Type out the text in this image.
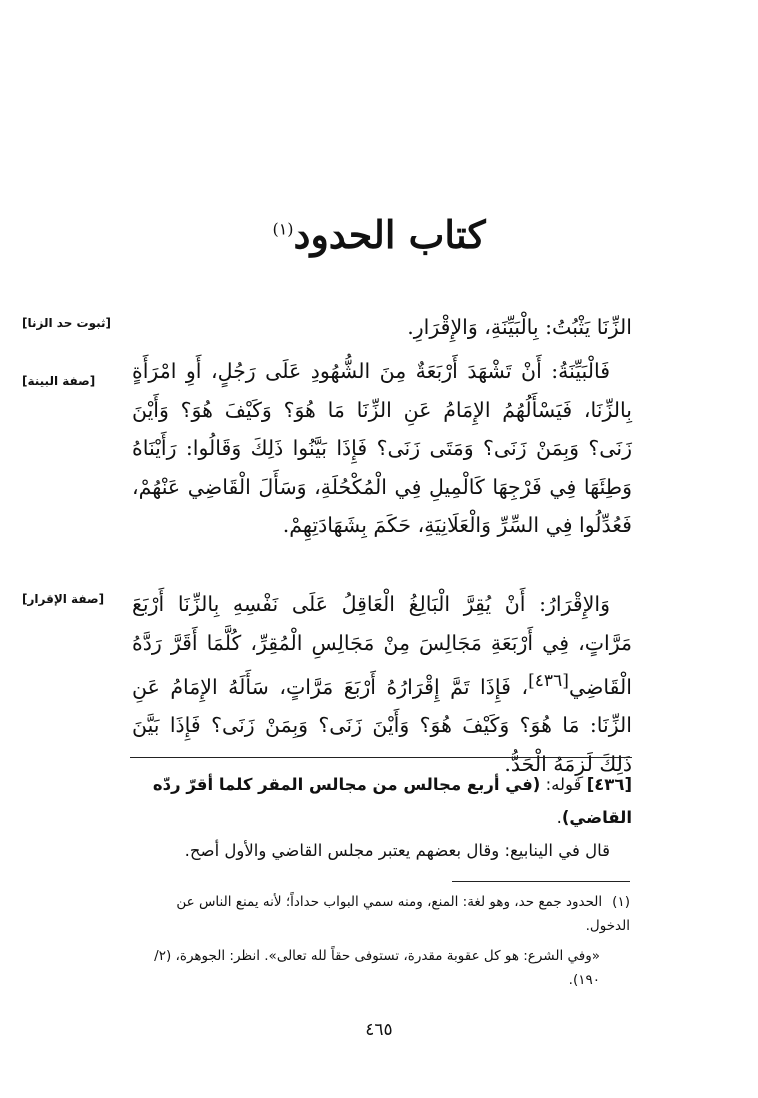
كتاب الحدود$^{(١)}$
[ثبوت حد الزنا]
[صفة البينة]
[صفة الإقرار]

الزِّنَا يَثْبُتُ: بِالْبَيِّنَةِ، وَالإِقْرَارِ.

فَالْبَيِّنَةُ: أَنْ تَشْهَدَ أَرْبَعَةٌ مِنَ الشُّهُودِ عَلَى رَجُلٍ، أَوِ امْرَأَةٍ بِالزِّنَا، فَيَسْأَلُهُمُ الإِمَامُ عَنِ الزِّنَا مَا هُوَ؟ وَكَيْفَ هُوَ؟ وَأَيْنَ زَنَى؟ وَبِمَنْ زَنَى؟ وَمَتَى زَنَى؟ فَإِذَا بَيَّنُوا ذَلِكَ وَقَالُوا: رَأَيْنَاهُ وَطِئَهَا فِي فَرْجِهَا كَالْمِيلِ فِي الْمُكْحُلَةِ، وَسَأَلَ الْقَاضِي عَنْهُمْ، فَعُدِّلُوا فِي السِّرِّ وَالْعَلَانِيَةِ، حَكَمَ بِشَهَادَتِهِمْ.

وَالإِقْرَارُ: أَنْ يُقِرَّ الْبَالِغُ الْعَاقِلُ عَلَى نَفْسِهِ بِالزِّنَا أَرْبَعَ مَرَّاتٍ، فِي أَرْبَعَةِ مَجَالِسَ مِنْ مَجَالِسِ الْمُقِرِّ، كُلَّمَا أَقَرَّ رَدَّهُ الْقَاضِي[٤٣٦]، فَإِذَا تَمَّ إِقْرَارُهُ أَرْبَعَ مَرَّاتٍ، سَأَلَهُ الإِمَامُ عَنِ الزِّنَا: مَا هُوَ؟ وَكَيْفَ هُوَ؟ وَأَيْنَ زَنَى؟ وَبِمَنْ زَنَى؟ فَإِذَا بَيَّنَ ذَلِكَ لَزِمَهُ الْحَدُّ.

[٤٣٦] قوله: (في أربع مجالس من مجالس المقر كلما أقرّ ردّه القاضي).

قال في الينابيع: وقال بعضهم يعتبر مجلس القاضي والأول أصح.

(١)الحدود جمع حد، وهو لغة: المنع، ومنه سمي البواب حداداً؛ لأنه يمنع الناس عن الدخول.

«وفي الشرع: هو كل عقوبة مقدرة، تستوفى حقاً لله تعالى». انظر: الجوهرة، (٢/ ١٩٠).

٤٦٥
